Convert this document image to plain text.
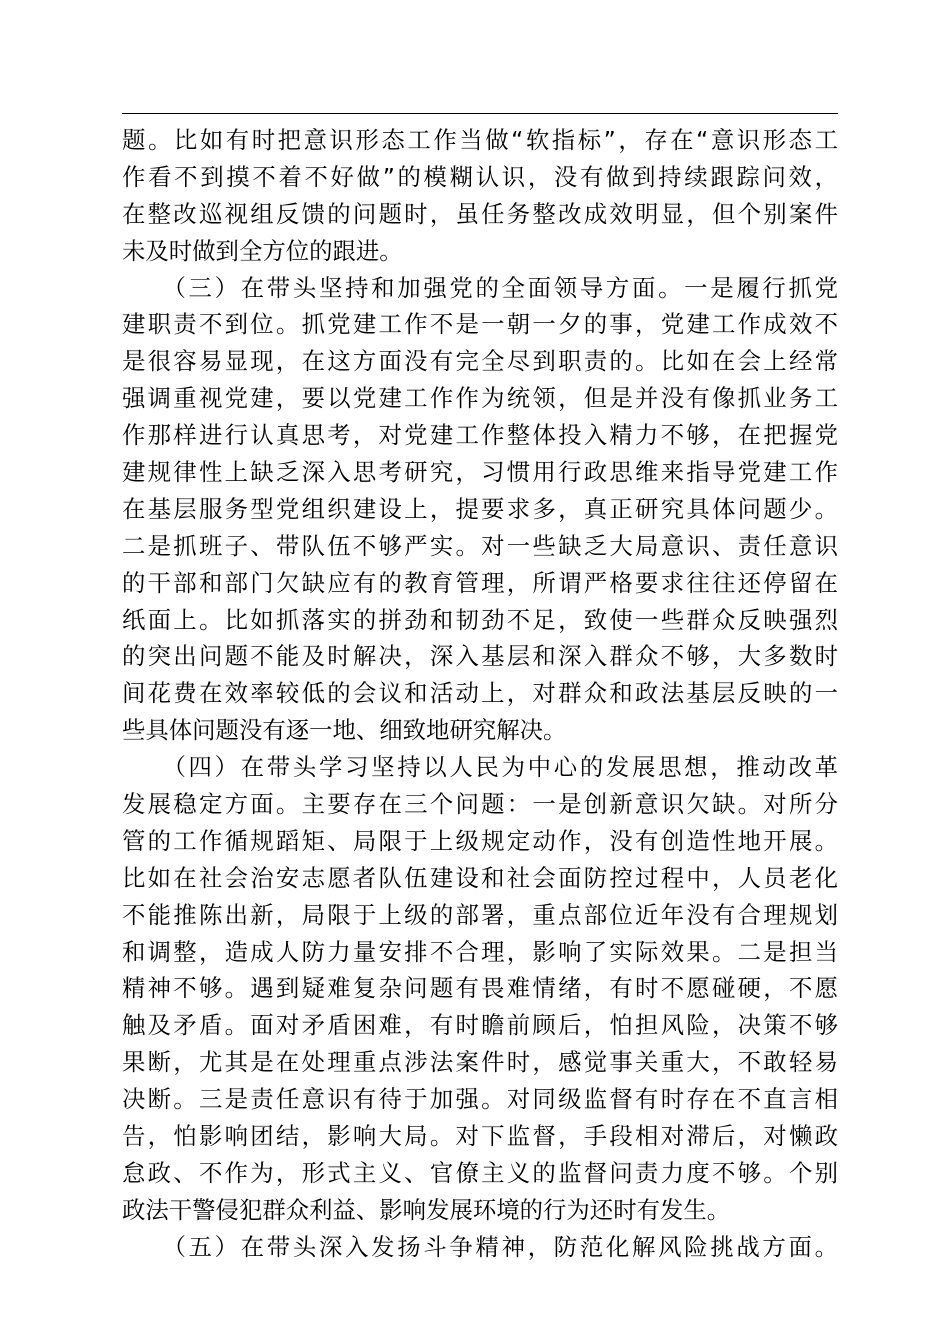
题。比如有时把意识形态工作当做“软指标”，存在“意识形态工
作看不到摸不着不好做”的模糊认识，没有做到持续跟踪问效，
在整改巡视组反馈的问题时，虽任务整改成效明显，但个别案件
未及时做到全方位的跟进。
　　（三）在带头坚持和加强党的全面领导方面。一是履行抓党
建职责不到位。抓党建工作不是一朝一夕的事，党建工作成效不
是很容易显现，在这方面没有完全尽到职责的。比如在会上经常
强调重视党建，要以党建工作作为统领，但是并没有像抓业务工
作那样进行认真思考，对党建工作整体投入精力不够，在把握党
建规律性上缺乏深入思考研究，习惯用行政思维来指导党建工作
在基层服务型党组织建设上，提要求多，真正研究具体问题少。
二是抓班子、带队伍不够严实。对一些缺乏大局意识、责任意识
的干部和部门欠缺应有的教育管理，所谓严格要求往往还停留在
纸面上。比如抓落实的拼劲和韧劲不足，致使一些群众反映强烈
的突出问题不能及时解决，深入基层和深入群众不够，大多数时
间花费在效率较低的会议和活动上，对群众和政法基层反映的一
些具体问题没有逐一地、细致地研究解决。
　　（四）在带头学习坚持以人民为中心的发展思想，推动改革
发展稳定方面。主要存在三个问题：一是创新意识欠缺。对所分
管的工作循规蹈矩、局限于上级规定动作，没有创造性地开展。
比如在社会治安志愿者队伍建设和社会面防控过程中，人员老化
不能推陈出新，局限于上级的部署，重点部位近年没有合理规划
和调整，造成人防力量安排不合理，影响了实际效果。二是担当
精神不够。遇到疑难复杂问题有畏难情绪，有时不愿碰硬，不愿
触及矛盾。面对矛盾困难，有时瞻前顾后，怕担风险，决策不够
果断，尤其是在处理重点涉法案件时，感觉事关重大，不敢轻易
决断。三是责任意识有待于加强。对同级监督有时存在不直言相
告，怕影响团结，影响大局。对下监督，手段相对滞后，对懒政
怠政、不作为，形式主义、官僚主义的监督问责力度不够。个别
政法干警侵犯群众利益、影响发展环境的行为还时有发生。
　　（五）在带头深入发扬斗争精神，防范化解风险挑战方面。
